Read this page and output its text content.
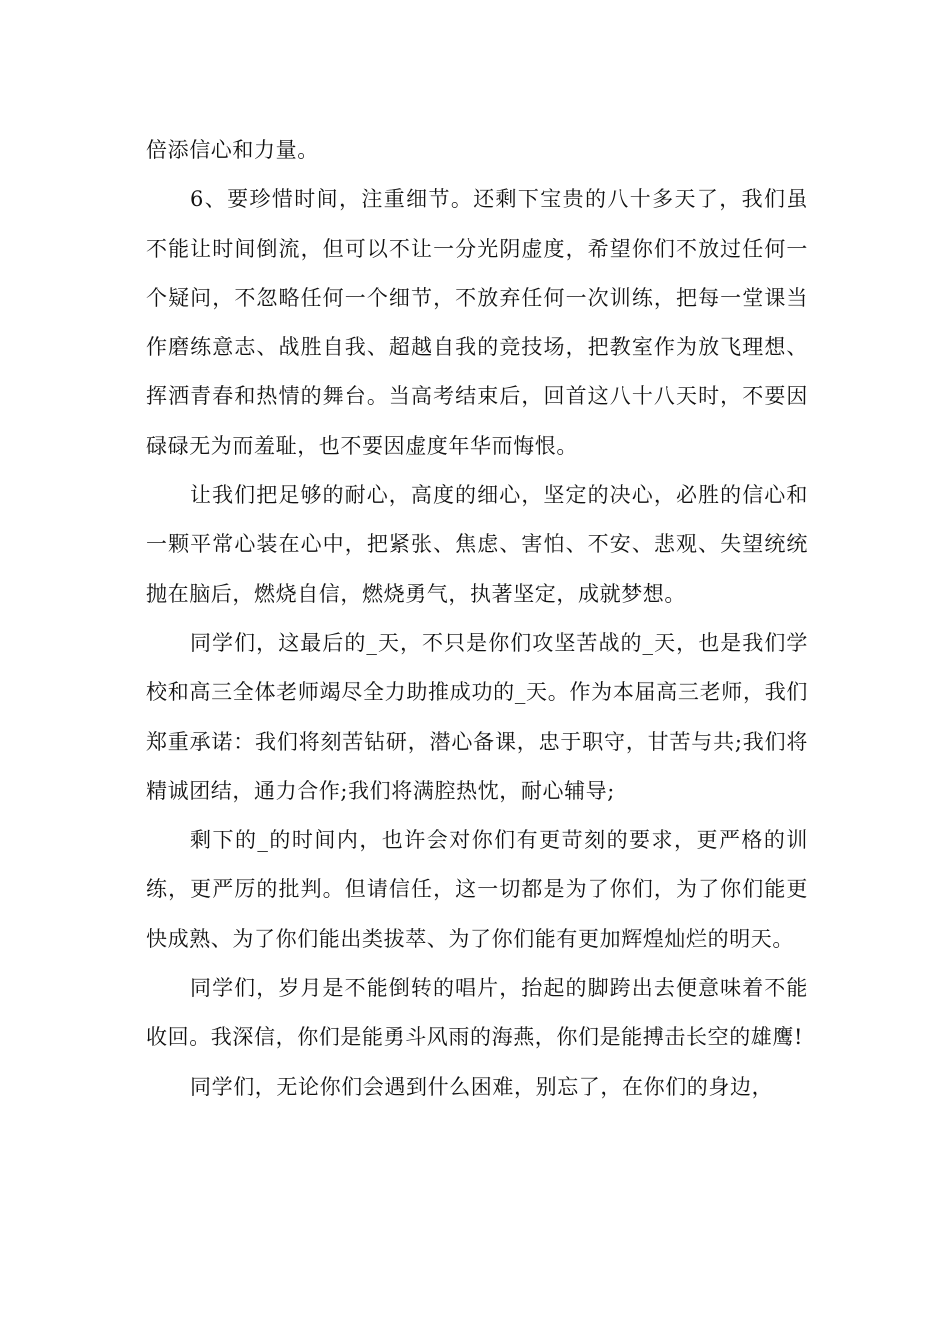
倍添信心和力量。

6、要珍惜时间，注重细节。还剩下宝贵的八十多天了，我们虽不能让时间倒流，但可以不让一分光阴虚度，希望你们不放过任何一个疑问，不忽略任何一个细节，不放弃任何一次训练，把每一堂课当作磨练意志、战胜自我、超越自我的竞技场，把教室作为放飞理想、挥洒青春和热情的舞台。当高考结束后，回首这八十八天时，不要因碌碌无为而羞耻，也不要因虚度年华而悔恨。

让我们把足够的耐心，高度的细心，坚定的决心，必胜的信心和一颗平常心装在心中，把紧张、焦虑、害怕、不安、悲观、失望统统抛在脑后，燃烧自信，燃烧勇气，执著坚定，成就梦想。

同学们，这最后的_天，不只是你们攻坚苦战的_天，也是我们学校和高三全体老师竭尽全力助推成功的_天。作为本届高三老师，我们郑重承诺：我们将刻苦钻研，潜心备课，忠于职守，甘苦与共;我们将精诚团结，通力合作;我们将满腔热忱，耐心辅导;

剩下的_的时间内，也许会对你们有更苛刻的要求，更严格的训练，更严厉的批判。但请信任，这一切都是为了你们，为了你们能更快成熟、为了你们能出类拔萃、为了你们能有更加辉煌灿烂的明天。

同学们，岁月是不能倒转的唱片，抬起的脚跨出去便意味着不能收回。我深信，你们是能勇斗风雨的海燕，你们是能搏击长空的雄鹰!

同学们，无论你们会遇到什么困难，别忘了，在你们的身边，
